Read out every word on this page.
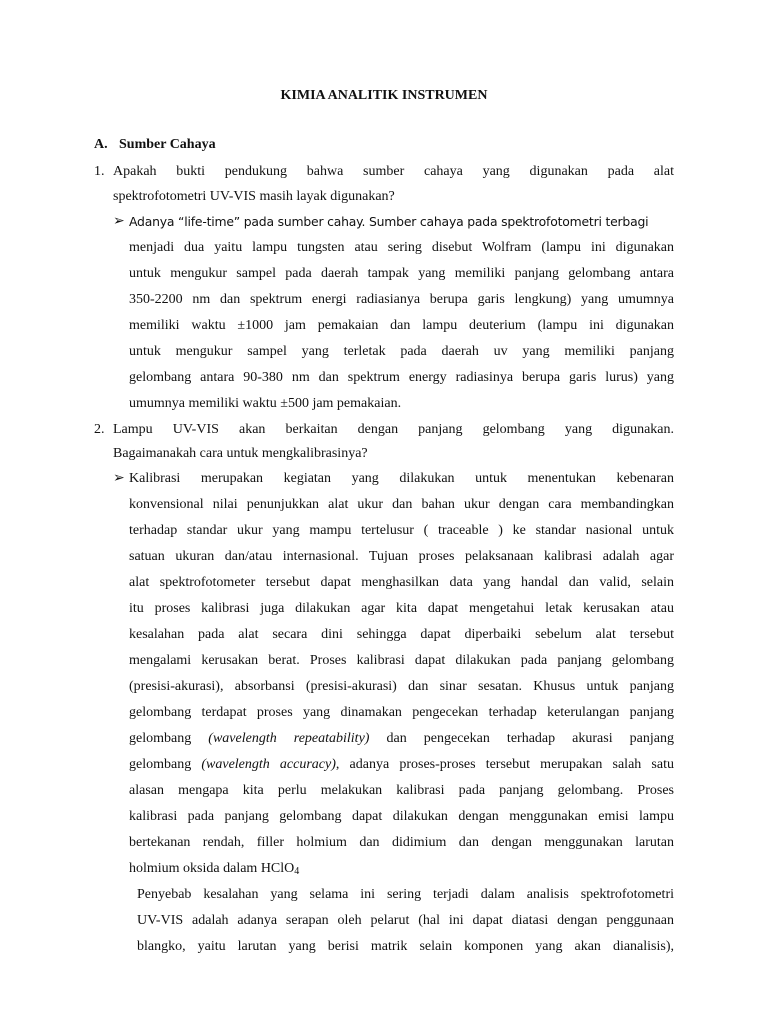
KIMIA ANALITIK INSTRUMEN
A. Sumber Cahaya
1. Apakah bukti pendukung bahwa sumber cahaya yang digunakan pada alat
spektrofotometri UV-VIS masih layak digunakan?
➢ Adanya “life-time” pada sumber cahay. Sumber cahaya pada spektrofotometri terbagi
menjadi dua yaitu lampu tungsten atau sering disebut Wolfram (lampu ini digunakan
untuk mengukur sampel pada daerah tampak yang memiliki panjang gelombang antara
350-2200 nm dan spektrum energi radiasianya berupa garis lengkung) yang umumnya
memiliki waktu ±1000 jam pemakaian dan lampu deuterium (lampu ini digunakan
untuk mengukur sampel yang terletak pada daerah uv yang memiliki panjang
gelombang antara 90-380 nm dan spektrum energy radiasinya berupa garis lurus) yang
umumnya memiliki waktu ±500 jam pemakaian.
2. Lampu UV-VIS akan berkaitan dengan panjang gelombang yang digunakan.
Bagaimanakah cara untuk mengkalibrasinya?
➢ Kalibrasi merupakan kegiatan yang dilakukan untuk menentukan kebenaran
konvensional nilai penunjukkan alat ukur dan bahan ukur dengan cara membandingkan
terhadap standar ukur yang mampu tertelusur ( traceable ) ke standar nasional untuk
satuan ukuran dan/atau internasional. Tujuan proses pelaksanaan kalibrasi adalah agar
alat spektrofotometer tersebut dapat menghasilkan data yang handal dan valid, selain
itu proses kalibrasi juga dilakukan agar kita dapat mengetahui letak kerusakan atau
kesalahan pada alat secara dini sehingga dapat diperbaiki sebelum alat tersebut
mengalami kerusakan berat. Proses kalibrasi dapat dilakukan pada panjang gelombang
(presisi-akurasi), absorbansi (presisi-akurasi) dan sinar sesatan. Khusus untuk panjang
gelombang terdapat proses yang dinamakan pengecekan terhadap keterulangan panjang
gelombang (wavelength repeatability) dan pengecekan terhadap akurasi panjang
gelombang (wavelength accuracy), adanya proses-proses tersebut merupakan salah satu
alasan mengapa kita perlu melakukan kalibrasi pada panjang gelombang. Proses
kalibrasi pada panjang gelombang dapat dilakukan dengan menggunakan emisi lampu
bertekanan rendah, filler holmium dan didimium dan dengan menggunakan larutan
holmium oksida dalam HClO$_4$
Penyebab kesalahan yang selama ini sering terjadi dalam analisis spektrofotometri
UV-VIS adalah adanya serapan oleh pelarut (hal ini dapat diatasi dengan penggunaan
blangko, yaitu larutan yang berisi matrik selain komponen yang akan dianalisis),
